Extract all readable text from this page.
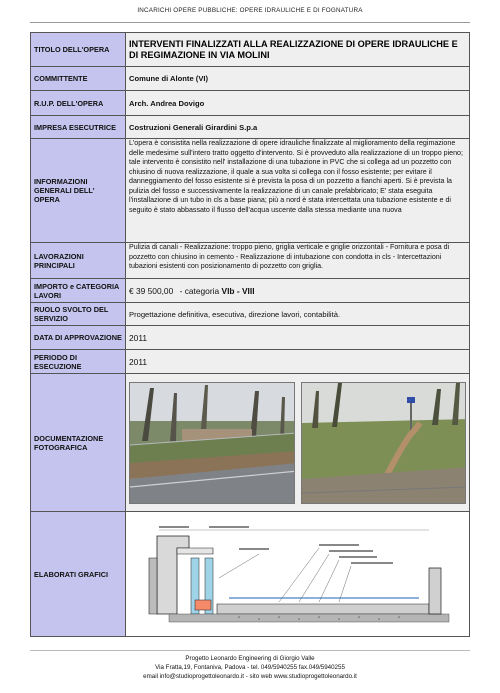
INCARICHI OPERE PUBBLICHE: OPERE IDRAULICHE E DI FOGNATURA
TITOLO DELL'OPERA	INTERVENTI FINALIZZATI ALLA REALIZZAZIONE DI OPERE IDRAULICHE E DI REGIMAZIONE IN VIA MOLINI

COMMITTENTE	Comune di Alonte (VI)
R.U.P. DELL'OPERA	Arch. Andrea Dovigo
IMPRESA ESECUTRICE	Costruzioni Generali Girardini S.p.a
INFORMAZIONI GENERALI DELL' OPERA	L'opera è consistita nella realizzazione di opere idrauliche finalizzate al miglioramento della regimazione delle medesime sull'intero tratto oggetto d'intervento. Si è provveduto alla realizzazione di un troppo pieno; tale intervento è consistito nell' installazione di una tubazione in PVC che si collega ad un pozzetto con chiusino di nuova realizzazione, il quale a sua volta si collega con il fosso esistente; per evitare il danneggiamento del fosso esistente si è prevista la posa di un pozzetto a fianchi aperti. Si è prevista la pulizia del fosso e successivamente la realizzazione di un canale prefabbricato; E' stata eseguita l'installazione di un tubo in cls a base piana; più a nord è stata intercettata una tubazione esistente e di seguito è stato abbassato il flusso dell'acqua uscente dalla stessa mediante una nuova

LAVORAZIONI PRINCIPALI	Pulizia di canali - Realizzazione: troppo pieno, griglia verticale e griglie orizzontali - Fornitura e posa di pozzetto con chiusino in cemento - Realizzazione di intubazione con condotta in cls - Intercettazioni tubazioni esistenti con posizionamento di pozzetto con griglia.

IMPORTO e CATEGORIA LAVORI	€ 39 500,00 - categoria VIb - VIII
RUOLO SVOLTO DEL SERVIZIO	Progettazione definitiva, esecutiva, direzione lavori, contabilità.
DATA DI APPROVAZIONE	2011
PERIODO DI ESECUZIONE	2011
DOCUMENTAZIONE FOTOGRAFICA	

ELABORATI GRAFICI	
Progetto Leonardo Engineering di Giorgio Valle
Via Fratta,19, Fontaniva, Padova - tel. 049/5940255 fax.049/5940255
email info@studioprogettoleonardo.it - sito web www.studioprogettoleonardo.it
